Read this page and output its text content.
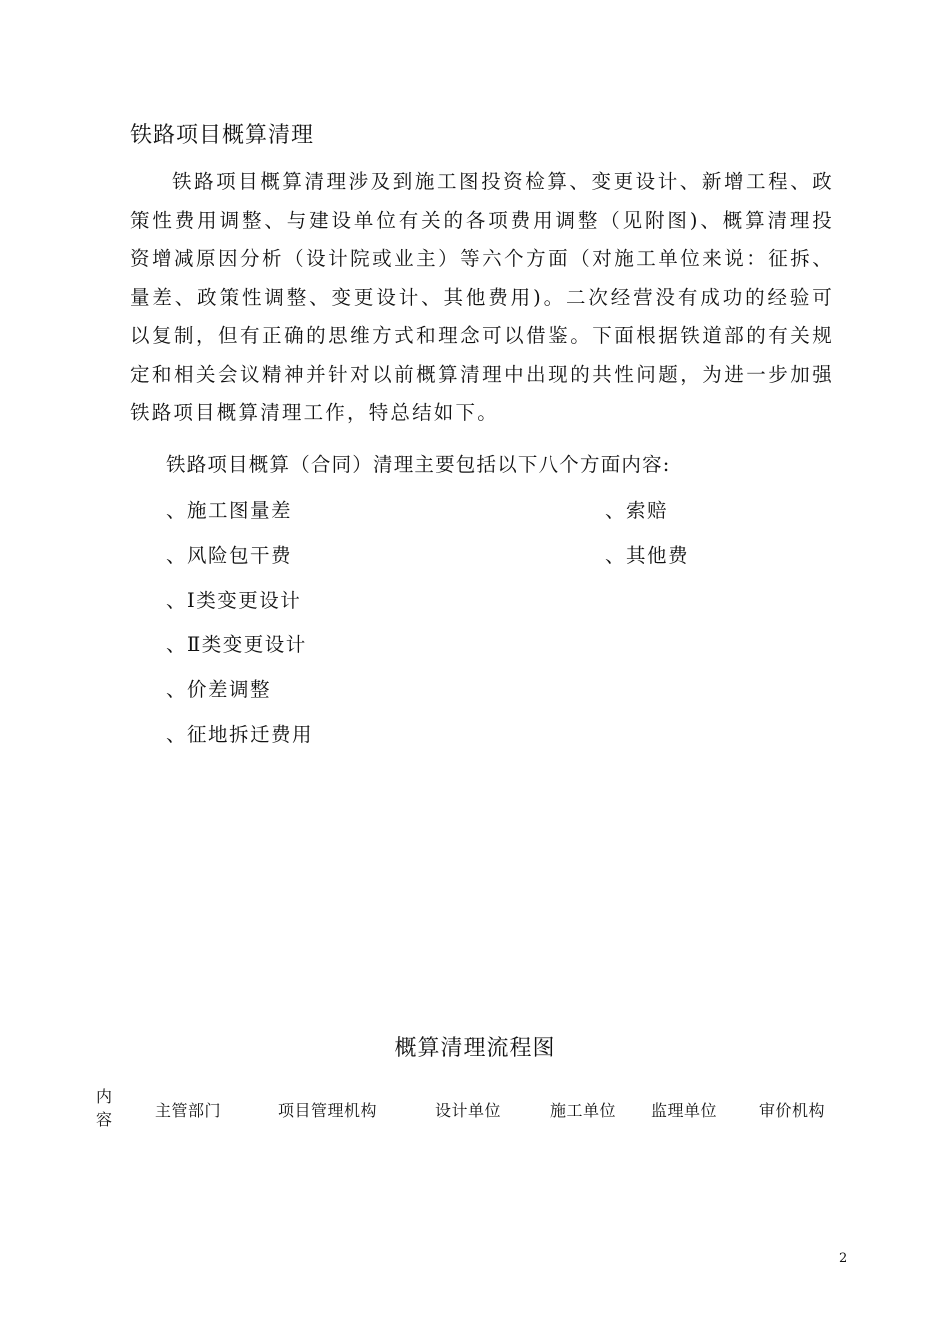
铁路项目概算清理

铁路项目概算清理涉及到施工图投资检算、变更设计、新增工程、政策性费用调整、与建设单位有关的各项费用调整（见附图)、概算清理投资增减原因分析（设计院或业主）等六个方面（对施工单位来说：征拆、量差、政策性调整、变更设计、其他费用)。二次经营没有成功的经验可以复制，但有正确的思维方式和理念可以借鉴。下面根据铁道部的有关规定和相关会议精神并针对以前概算清理中出现的共性问题，为进一步加强铁路项目概算清理工作，特总结如下。

铁路项目概算（合同）清理主要包括以下八个方面内容:

、施工图量差
、风险包干费
、Ⅰ类变更设计
、Ⅱ类变更设计
、价差调整
、征地拆迁费用
、索赔
、其他费
概算清理流程图
内容	主管部门	项目管理机构	设计单位	施工单位 监理单位	审价机构
2
